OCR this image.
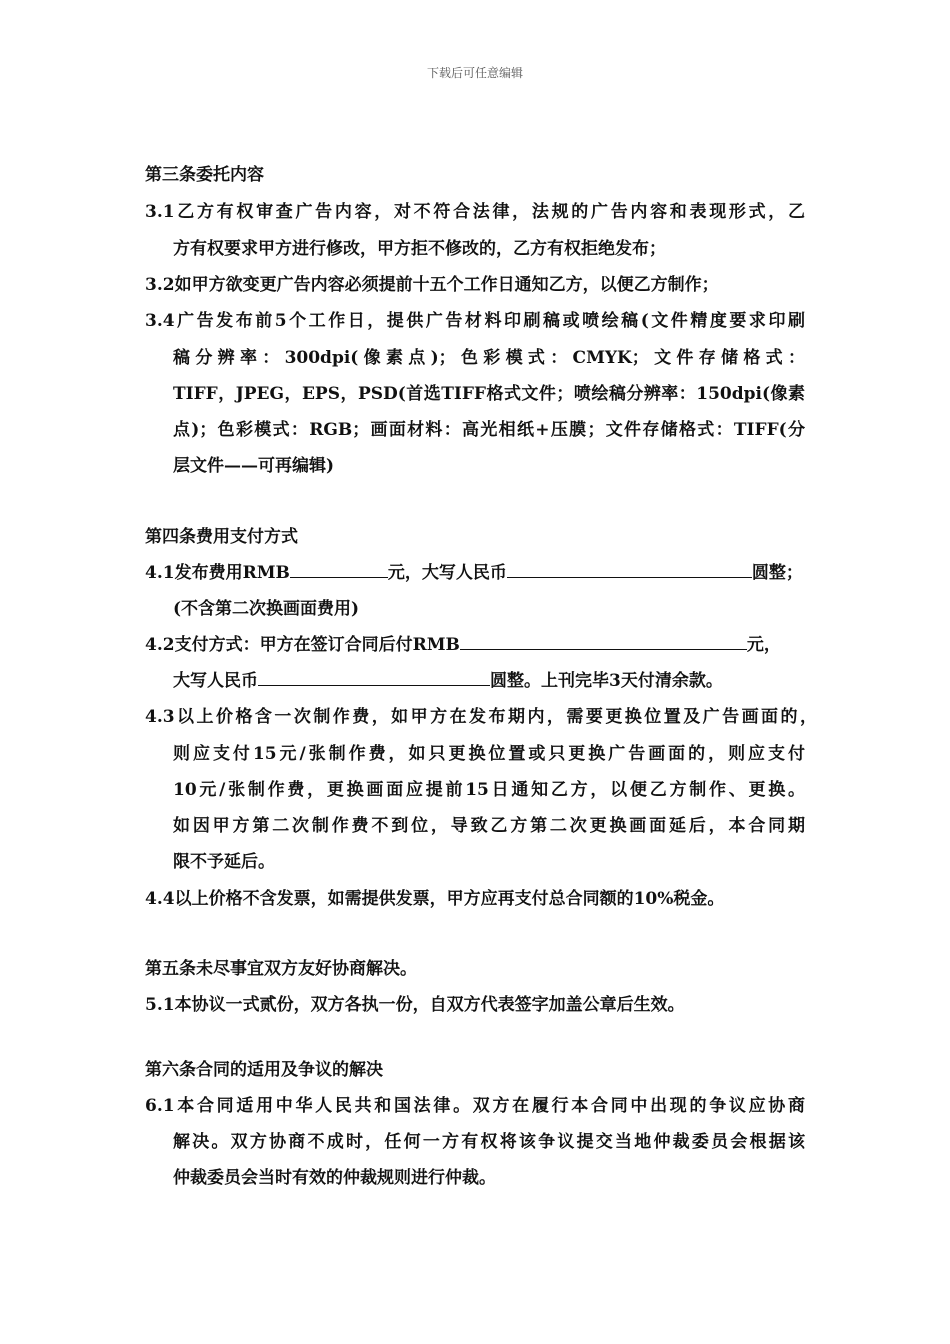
下载后可任意编辑
第三条委托内容
3.1乙方有权审查广告内容，对不符合法律，法规的广告内容和表现形式，乙
方有权要求甲方进行修改，甲方拒不修改的，乙方有权拒绝发布；
3.2如甲方欲变更广告内容必须提前十五个工作日通知乙方，以便乙方制作；
3.4广告发布前5个工作日，提供广告材料印刷稿或喷绘稿(文件精度要求印刷
稿分辨率：300dpi(像素点)；色彩模式：CMYK；文件存储格式：
TIFF，JPEG，EPS，PSD(首选TIFF格式文件；喷绘稿分辨率：150dpi(像素
点)；色彩模式：RGB；画面材料：高光相纸+压膜；文件存储格式：TIFF(分
层文件——可再编辑)
第四条费用支付方式
4.1发布费用RMB	元，大写人民币	圆整；
(不含第二次换画面费用)
4.2支付方式：甲方在签订合同后付RMB	元，
大写人民币	圆整。上刊完毕3天付清余款。
4.3以上价格含一次制作费，如甲方在发布期内，需要更换位置及广告画面的，
则应支付15元/张制作费，如只更换位置或只更换广告画面的，则应支付
10元/张制作费，更换画面应提前15日通知乙方，以便乙方制作、更换。
如因甲方第二次制作费不到位，导致乙方第二次更换画面延后，本合同期
限不予延后。
4.4以上价格不含发票，如需提供发票，甲方应再支付总合同额的10%税金。
第五条未尽事宜双方友好协商解决。
5.1本协议一式贰份，双方各执一份，自双方代表签字加盖公章后生效。
第六条合同的适用及争议的解决
6.1本合同适用中华人民共和国法律。双方在履行本合同中出现的争议应协商
解决。双方协商不成时，任何一方有权将该争议提交当地仲裁委员会根据该
仲裁委员会当时有效的仲裁规则进行仲裁。
